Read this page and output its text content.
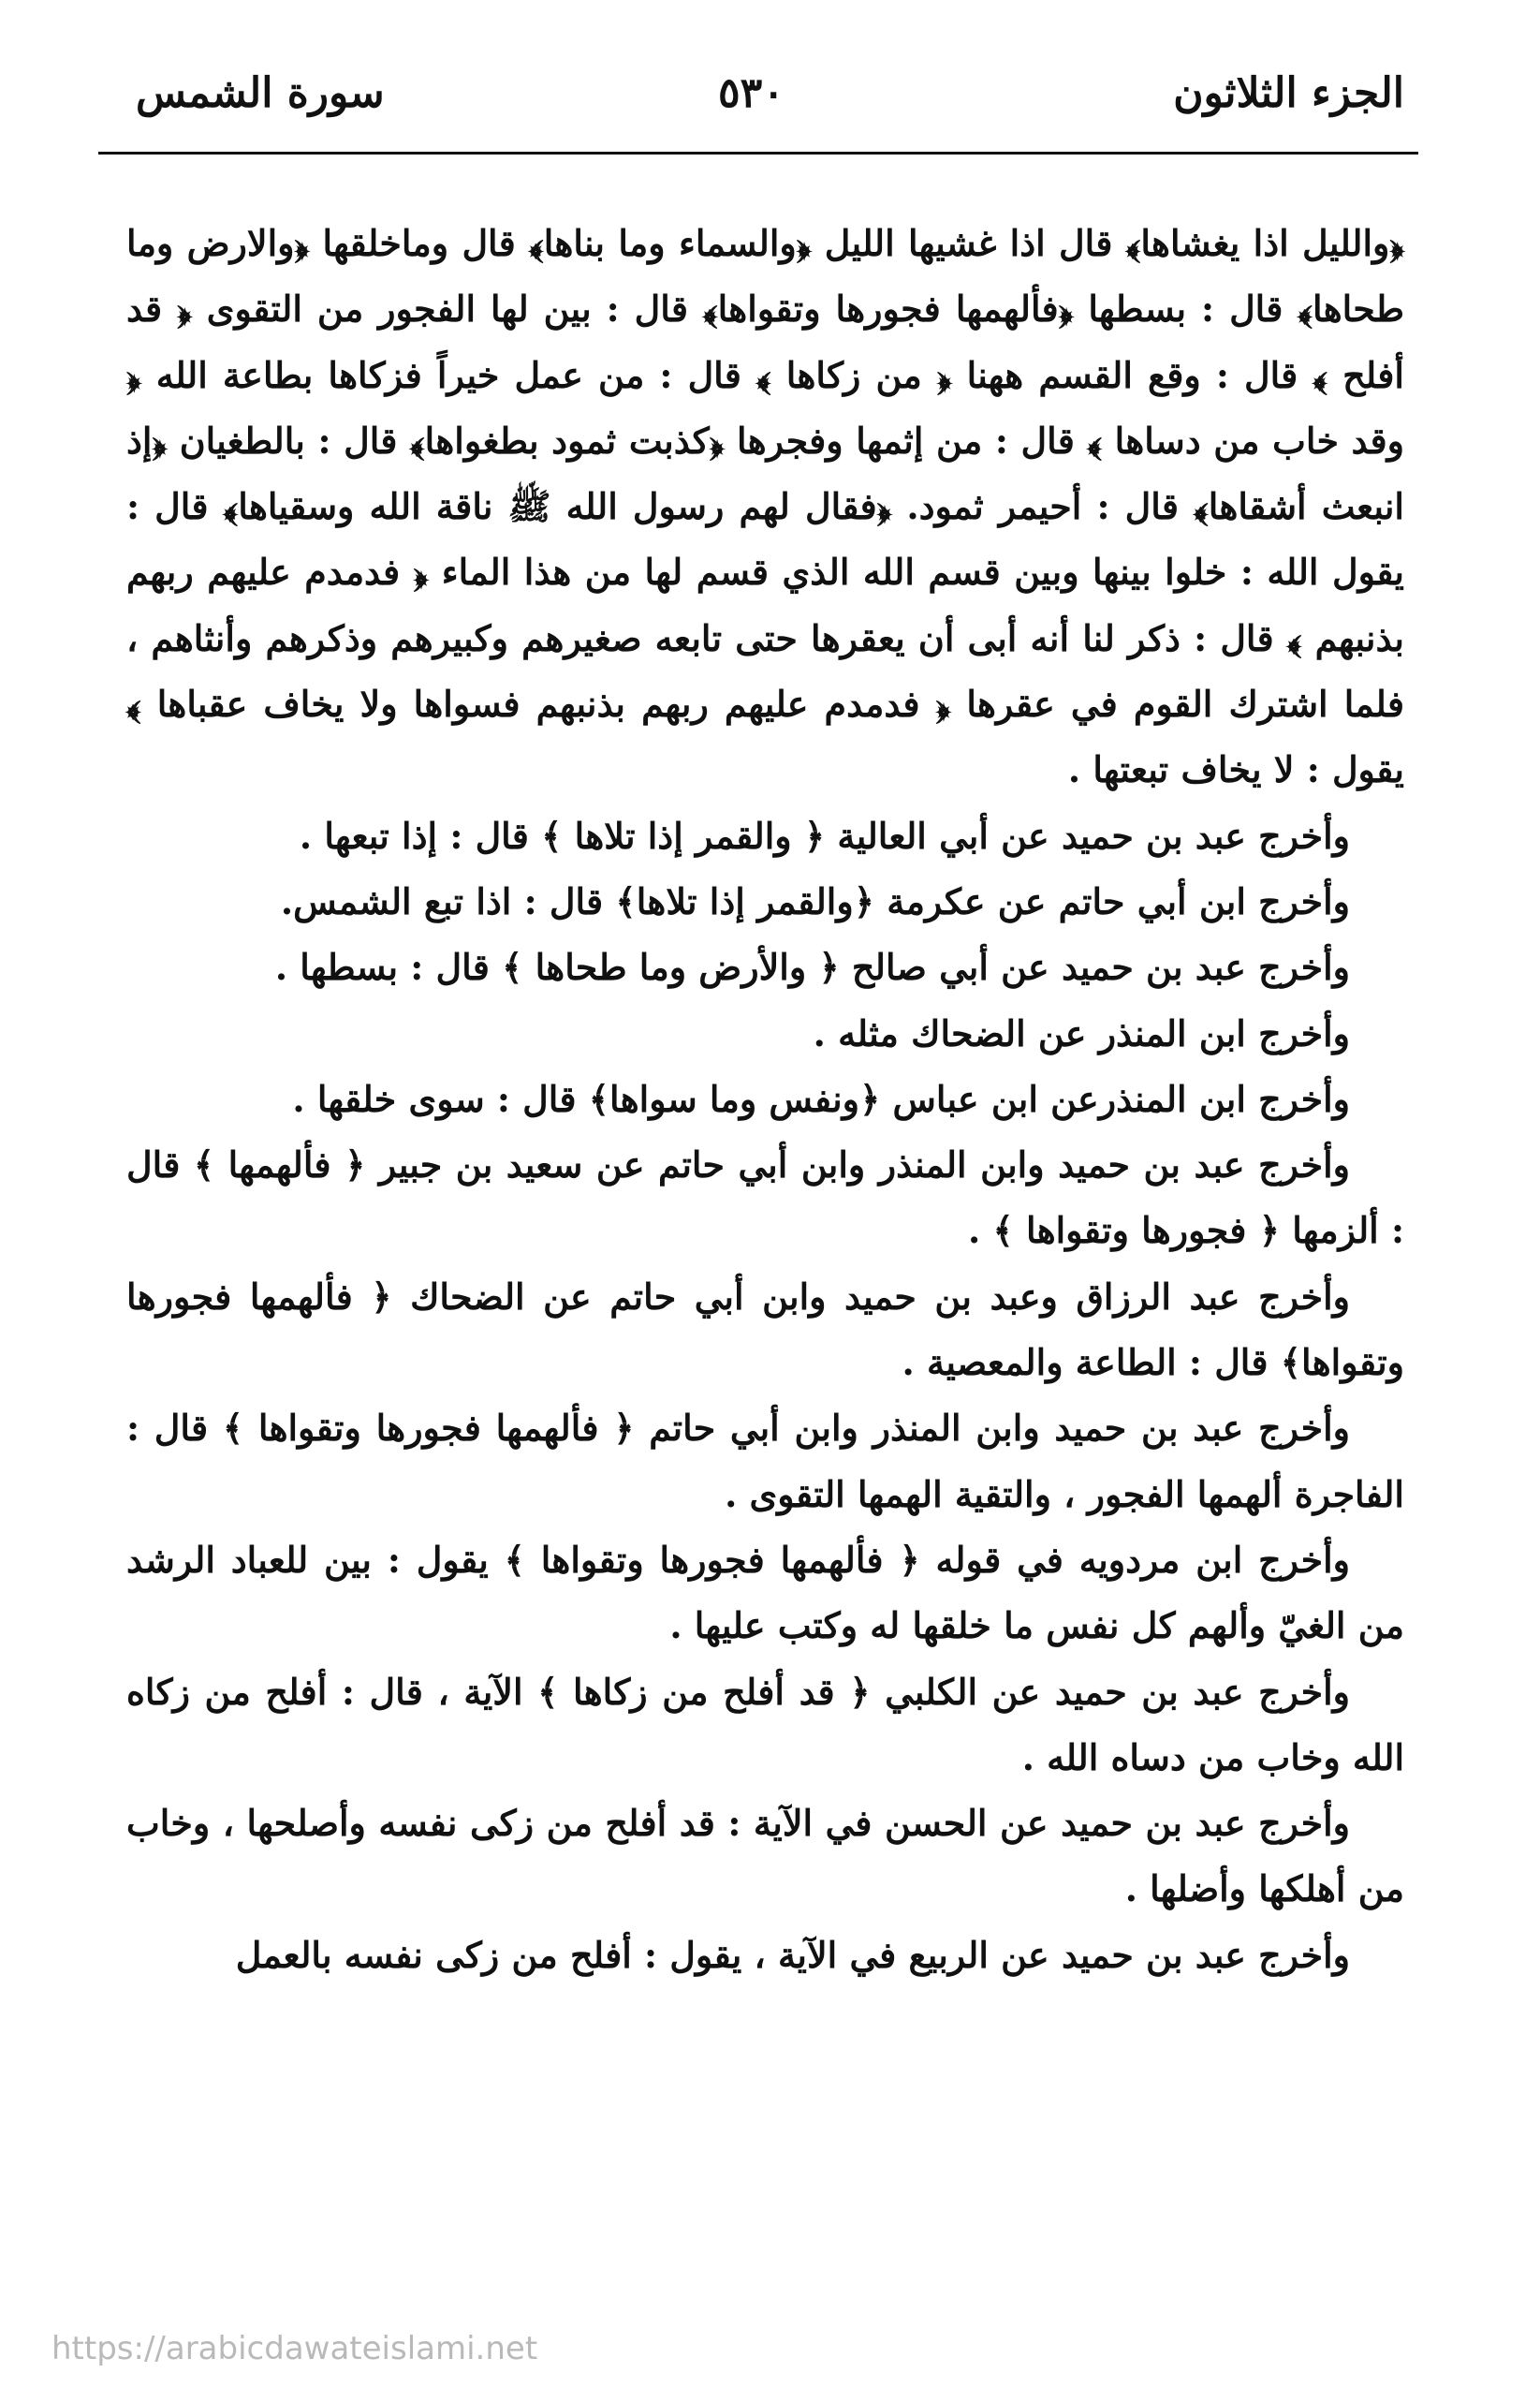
الجزء الثلاثون
٥٣٠
سورة الشمس

﴿والليل اذا يغشاها﴾ قال اذا غشيها الليل ﴿والسماء وما بناها﴾ قال وماخلقها ﴿والارض وما طحاها﴾ قال : بسطها ﴿فألهمها فجورها وتقواها﴾ قال : بين لها الفجور من التقوى ﴿ قد أفلح ﴾ قال : وقع القسم ههنا ﴿ من زكاها ﴾ قال : من عمل خيراً فزكاها بطاعة الله ﴿ وقد خاب من دساها ﴾ قال : من إثمها وفجرها ﴿كذبت ثمود بطغواها﴾ قال : بالطغيان ﴿إذ انبعث أشقاها﴾ قال : أحيمر ثمود. ﴿فقال لهم رسول الله ﷺ ناقة الله وسقياها﴾ قال : يقول الله : خلوا بينها وبين قسم الله الذي قسم لها من هذا الماء ﴿ فدمدم عليهم ربهم بذنبهم ﴾ قال : ذكر لنا أنه أبى أن يعقرها حتى تابعه صغيرهم وكبيرهم وذكرهم وأنثاهم ، فلما اشترك القوم في عقرها ﴿ فدمدم عليهم ربهم بذنبهم فسواها ولا يخاف عقباها ﴾ يقول : لا يخاف تبعتها .

وأخرج عبد بن حميد عن أبي العالية ﴿ والقمر إذا تلاها ﴾ قال : إذا تبعها .

وأخرج ابن أبي حاتم عن عكرمة ﴿والقمر إذا تلاها﴾ قال : اذا تبع الشمس.

وأخرج عبد بن حميد عن أبي صالح ﴿ والأرض وما طحاها ﴾ قال : بسطها .

وأخرج ابن المنذر عن الضحاك مثله .

وأخرج ابن المنذرعن ابن عباس ﴿ونفس وما سواها﴾ قال : سوى خلقها .

وأخرج عبد بن حميد وابن المنذر وابن أبي حاتم عن سعيد بن جبير ﴿ فألهمها ﴾ قال : ألزمها ﴿ فجورها وتقواها ﴾ .

وأخرج عبد الرزاق وعبد بن حميد وابن أبي حاتم عن الضحاك ﴿ فألهمها فجورها وتقواها﴾ قال : الطاعة والمعصية .

وأخرج عبد بن حميد وابن المنذر وابن أبي حاتم ﴿ فألهمها فجورها وتقواها ﴾ قال : الفاجرة ألهمها الفجور ، والتقية الهمها التقوى .

وأخرج ابن مردويه في قوله ﴿ فألهمها فجورها وتقواها ﴾ يقول : بين للعباد الرشد من الغيّ وألهم كل نفس ما خلقها له وكتب عليها .

وأخرج عبد بن حميد عن الكلبي ﴿ قد أفلح من زكاها ﴾ الآية ، قال : أفلح من زكاه الله وخاب من دساه الله .

وأخرج عبد بن حميد عن الحسن في الآية : قد أفلح من زكى نفسه وأصلحها ، وخاب من أهلكها وأضلها .

وأخرج عبد بن حميد عن الربيع في الآية ، يقول : أفلح من زكى نفسه بالعمل

https://arabicdawateislami.net
